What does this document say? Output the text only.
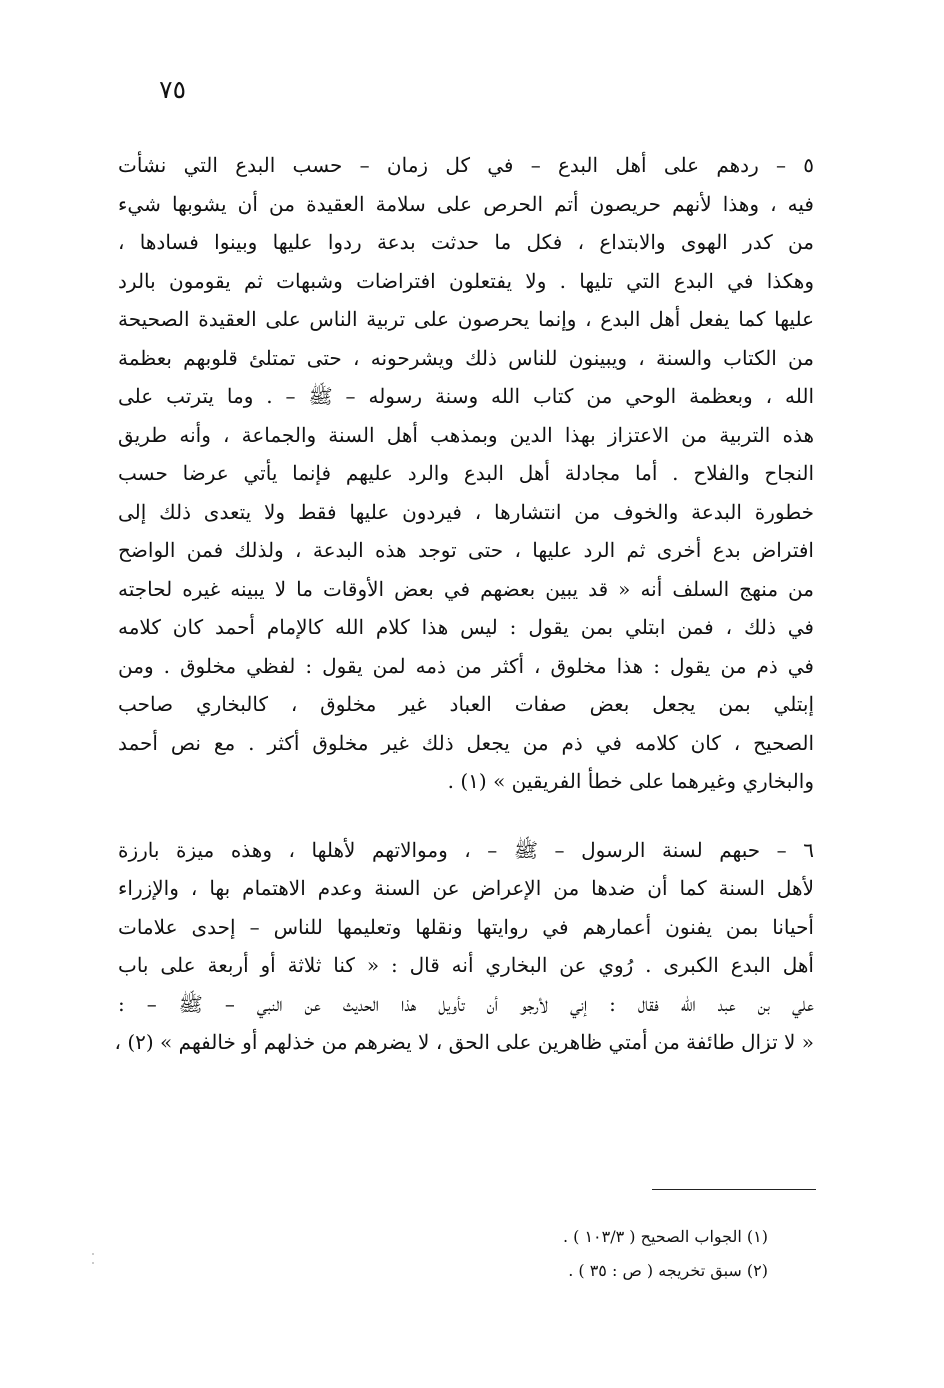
٧٥

٥ – ردهم على أهل البدع – في كل زمان – حسب البدع التي نشأت
فيه ، وهذا لأنهم حريصون أتم الحرص على سلامة العقيدة من أن يشوبها شيء
من كدر الهوى والابتداع ، فكل ما حدثت بدعة ردوا عليها وبينوا فسادها ،
وهكذا في البدع التي تليها . ولا يفتعلون افتراضات وشبهات ثم يقومون بالرد
عليها كما يفعل أهل البدع ، وإنما يحرصون على تربية الناس على العقيدة الصحيحة
من الكتاب والسنة ، ويبينون للناس ذلك ويشرحونه ، حتى تمتلئ قلوبهم بعظمة
الله ، وبعظمة الوحي من كتاب الله وسنة رسوله – ﷺ – . وما يترتب على
هذه التربية من الاعتزاز بهذا الدين وبمذهب أهل السنة والجماعة ، وأنه طريق
النجاح والفلاح . أما مجادلة أهل البدع والرد عليهم فإنما يأتي عرضا حسب
خطورة البدعة والخوف من انتشارها ، فيردون عليها فقط ولا يتعدى ذلك إلى
افتراض بدع أخرى ثم الرد عليها ، حتى توجد هذه البدعة ، ولذلك فمن الواضح
من منهج السلف أنه « قد يبين بعضهم في بعض الأوقات ما لا يبينه غيره لحاجته
في ذلك ، فمن ابتلي بمن يقول : ليس هذا كلام الله كالإمام أحمد كان كلامه
في ذم من يقول : هذا مخلوق ، أكثر من ذمه لمن يقول : لفظي مخلوق . ومن
إبتلي بمن يجعل بعض صفات العباد غير مخلوق ، كالبخاري صاحب
الصحيح ، كان كلامه في ذم من يجعل ذلك غير مخلوق أكثر . مع نص أحمد
والبخاري وغيرهما على خطأ الفريقين » (١) .

٦ – حبهم لسنة الرسول – ﷺ – ، وموالاتهم لأهلها ، وهذه ميزة بارزة
لأهل السنة كما أن ضدها من الإعراض عن السنة وعدم الاهتمام بها ، والإزراء
أحيانا بمن يفنون أعمارهم في روايتها ونقلها وتعليمها للناس – إحدى علامات
أهل البدع الكبرى . رُوي عن البخاري أنه قال : « كنا ثلاثة أو أربعة على باب
علي بن عبد الله فقال : إني لأرجو أن تأويل هذا الحديث عن النبي – ﷺ – :
« لا تزال طائفة من أمتي ظاهرين على الحق ، لا يضرهم من خذلهم أو خالفهم » (٢) ،

(١) الجواب الصحيح ( ١٠٣/٣ ) .
(٢) سبق تخريجه ( ص : ٣٥ ) .
